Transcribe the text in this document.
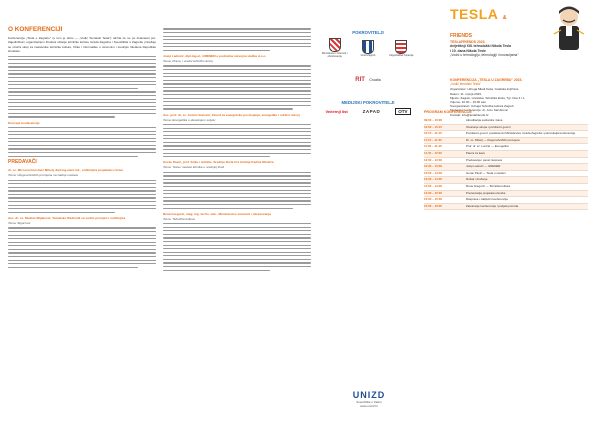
O KONFERENCIJI

Konferencija „Tesla u Zagrebu" (u tom je duhu — „Vodić Tematski Tesla") održat će se po dvanaesti put. Zajedničkom organizacijom Društva učitelja tehničke kulture Grada Zagreba i Sveučilišta u Zagrebu priređuje se stručni skup za nastavnike tehničke kulture, fizike i informatike u osnovnim i srednjim školama Republike Hrvatske.

Koncept konferencije
PREDAVAČI
dr. sc. Mirosna Fenshvić Mihelj, dipl.ing.elect.inž., voditeljica projekata u Grad
Tema: Uloga tehničkih promjena na zadnje nastave
doc. dr. sc. Mušlan Mijaković, Tematsko Radionik sa vodici promjen i vodičnjica
Tema: Sigurnost
Josip Ladović, dipl.ing.el., GRENER-e podružna razvojna služba d.o.o.
Tema: Prava, i uredni tehnički razvoj
doc. prof. dr. sc. Antoni Vuković, Zavod za energetsku postrojenja, energetiku i održivi razvoj
Tema: Energetika u današnjem svijetu
Goran Pavić, prof. fizike i tehnike, Srednja škola Fra Andrije Kačića Miošića
Tema: Tesla i nastavi tehnike u srednjoj školi
Rena Gregurić, mag. ing. techn. edu., Ministarstvo znanosti i obrazovanja
Tema: Tehnička kultura
POKROVITELJI
Ministarstvo znanosti i obrazovanja	Grad Zagreb	Zagrebačka županija
RIT Croatia
MEDIJSKI POKROVITELJI
Večernji list	ZAPAD	OTV
UNIZD
Sveučilište u Zadru
www.unizd.hr
TESLA & FRIENDS
TESLAFRIENDS 2023.
dvijetišnji XIII. tehnološki Nikola Tesla
i 10. dana Nikola Tesle
„Vodić u tehnologiju, tehnologiji i inovacijama"
KONFERENCIJA „TESLA U ZAGREBU" 2023.
„Vodič tematski Tesla"
Organizator: Udruga Mladi Tesla, Gradska knjižnica
Datum: 11. srpnja 2023.
Mjesto: Zagreb, Hrvatska, Tehnička škola, Tgr. Ilica 3 i 1.
Vrijeme: 10.00 – 16.00 sati
Suorganizatori: Udruga Tehnička kultura Zagreb
Moderator konferencije: dr. Jozo Sambrović
Kontakt: info@teslafriends.hr
PROGRAM KONFERENCIJE
09:00 – 10:00	Akreditacija sudionika i kava
10:00 – 10:15	Otvaranje skupa i pozdravni govori
10:15 – 11:15	Pozdravni govori: predstavnici Ministarstva, Grada Zagreba i pokrovitelja konferencije
11:15 – 11:30	Dr. sc. Mihelj — Uloga tehničkih promjena
11:30 – 11:45	Prof. dr. sc. Lončar — Energetika
11:45 – 12:00	Pauza za kavu
12:00 – 12:30	Predavanja i panel rasprava
12:30 – 13:00	Josip Ladović — GRENER
13:00 – 13:30	Goran Pavić — Tesla u nastavi
13:30 – 14:00	Ručak i druženje
14:00 – 14:30	Rena Gregurić — Tehnička kultura
14:30 – 15:00	Prezentacija projekata učenika
15:00 – 15:30	Rasprava i zaključci konferencije
15:30 – 16:00	Zatvaranje konferencije i podjela potvrda
